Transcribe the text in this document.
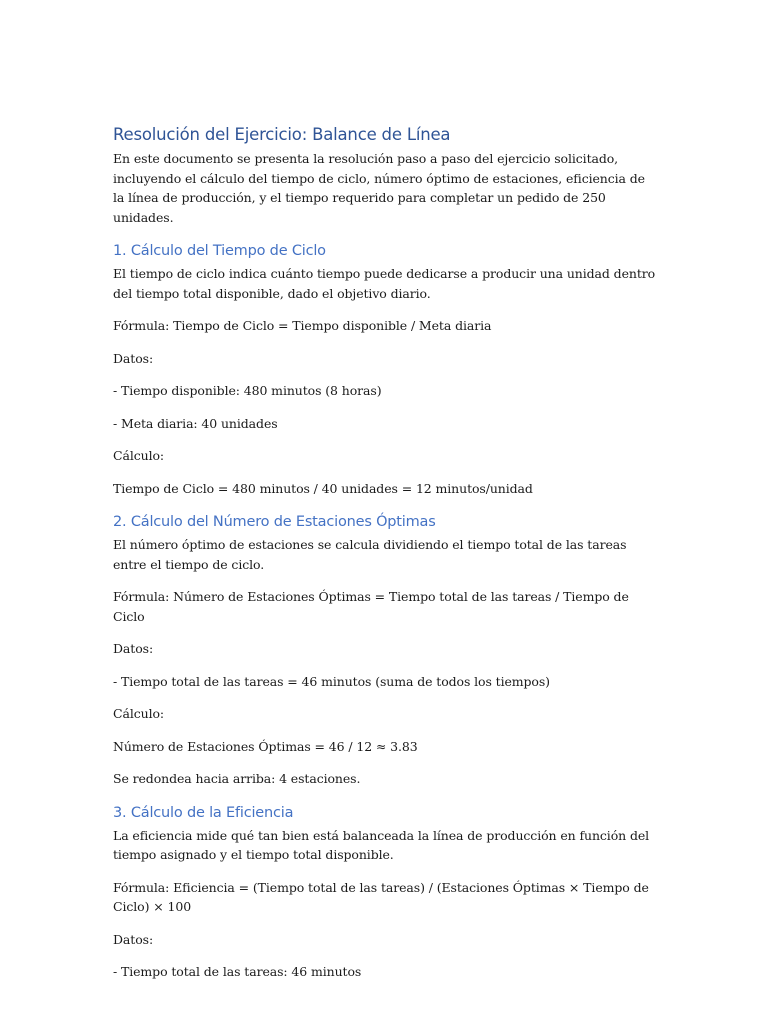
Resolución del Ejercicio: Balance de Línea

En este documento se presenta la resolución paso a paso del ejercicio solicitado, incluyendo el cálculo del tiempo de ciclo, número óptimo de estaciones, eficiencia de la línea de producción, y el tiempo requerido para completar un pedido de 250 unidades.

1. Cálculo del Tiempo de Ciclo

El tiempo de ciclo indica cuánto tiempo puede dedicarse a producir una unidad dentro del tiempo total disponible, dado el objetivo diario.

Fórmula: Tiempo de Ciclo = Tiempo disponible / Meta diaria

Datos:

- Tiempo disponible: 480 minutos (8 horas)

- Meta diaria: 40 unidades

Cálculo:

Tiempo de Ciclo = 480 minutos / 40 unidades = 12 minutos/unidad

2. Cálculo del Número de Estaciones Óptimas

El número óptimo de estaciones se calcula dividiendo el tiempo total de las tareas entre el tiempo de ciclo.

Fórmula: Número de Estaciones Óptimas = Tiempo total de las tareas / Tiempo de Ciclo

Datos:

- Tiempo total de las tareas = 46 minutos (suma de todos los tiempos)

Cálculo:

Número de Estaciones Óptimas = 46 / 12 ≈ 3.83

Se redondea hacia arriba: 4 estaciones.

3. Cálculo de la Eficiencia

La eficiencia mide qué tan bien está balanceada la línea de producción en función del tiempo asignado y el tiempo total disponible.

Fórmula: Eficiencia = (Tiempo total de las tareas) / (Estaciones Óptimas × Tiempo de Ciclo) × 100

Datos:

- Tiempo total de las tareas: 46 minutos
